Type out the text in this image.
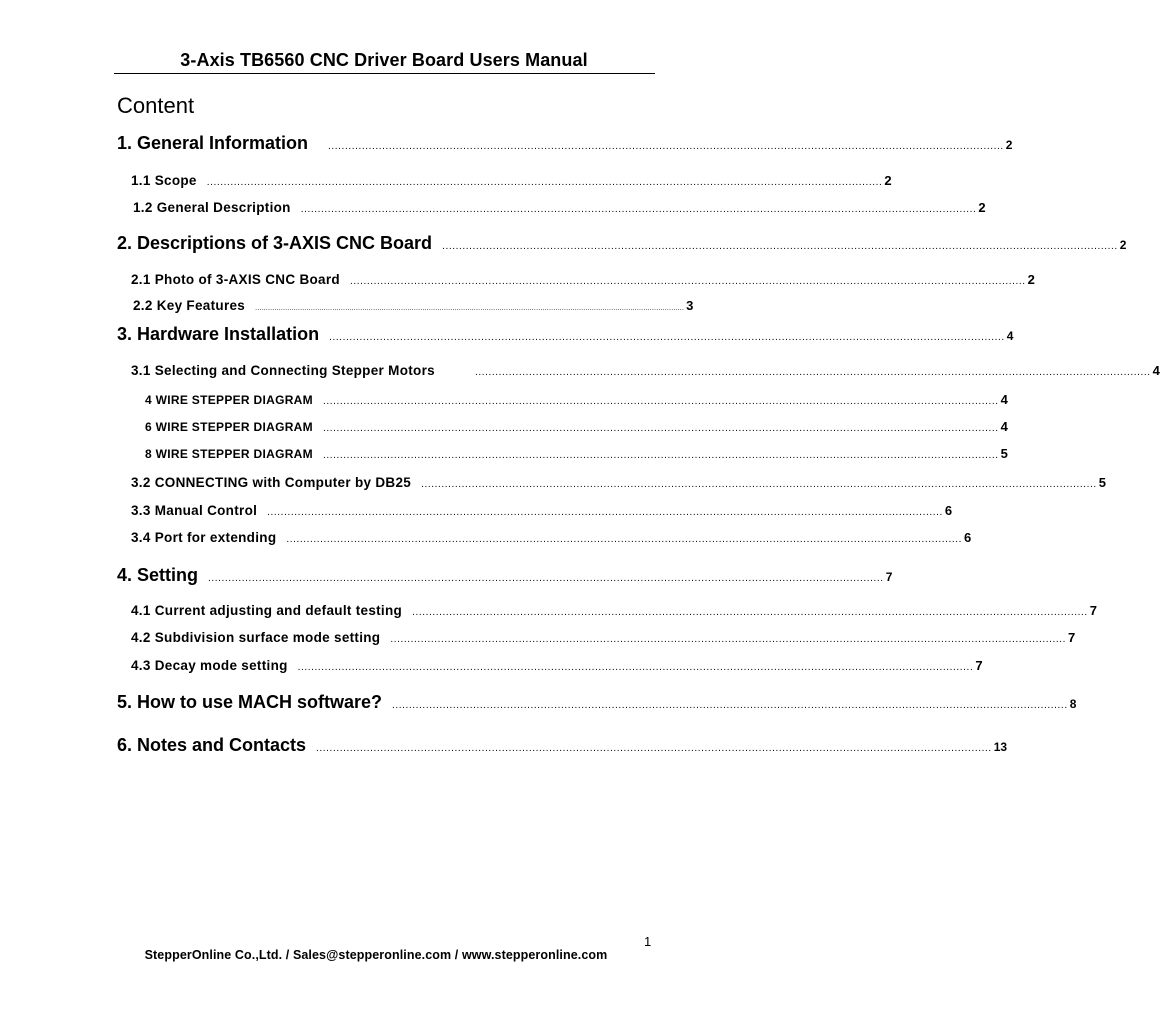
3-Axis TB6560 CNC Driver Board Users Manual
Content
1. General Information ........................................................................................................................................................................................................ 2
1.1 Scope ........................................................................................................................................................................................................ 2
1.2 General Description ........................................................................................................................................................................................................ 2
2. Descriptions of 3-AXIS CNC Board ........................................................................................................................................................................................................ 2
2.1 Photo of 3-AXIS CNC Board ........................................................................................................................................................................................................ 2
2.2 Key Features ........................................................................................................................................................................................................ 3
3. Hardware Installation ........................................................................................................................................................................................................ 4
3.1 Selecting and Connecting Stepper Motors	........................................................................................................................................................................................................ 4
4 WIRE STEPPER DIAGRAM ........................................................................................................................................................................................................ 4
6 WIRE STEPPER DIAGRAM ........................................................................................................................................................................................................ 4
8 WIRE STEPPER DIAGRAM ........................................................................................................................................................................................................ 5
3.2 CONNECTING with Computer by DB25 ........................................................................................................................................................................................................ 5
3.3 Manual Control ........................................................................................................................................................................................................ 6
3.4 Port for extending ........................................................................................................................................................................................................ 6
4. Setting ........................................................................................................................................................................................................ 7
4.1 Current adjusting and default testing ........................................................................................................................................................................................................ 7
4.2 Subdivision surface mode setting ........................................................................................................................................................................................................ 7
4.3 Decay mode setting ........................................................................................................................................................................................................ 7
5. How to use MACH software? ........................................................................................................................................................................................................ 8
6. Notes and Contacts ........................................................................................................................................................................................................ 13
1
StepperOnline Co.,Ltd. / Sales@stepperonline.com / www.stepperonline.com
